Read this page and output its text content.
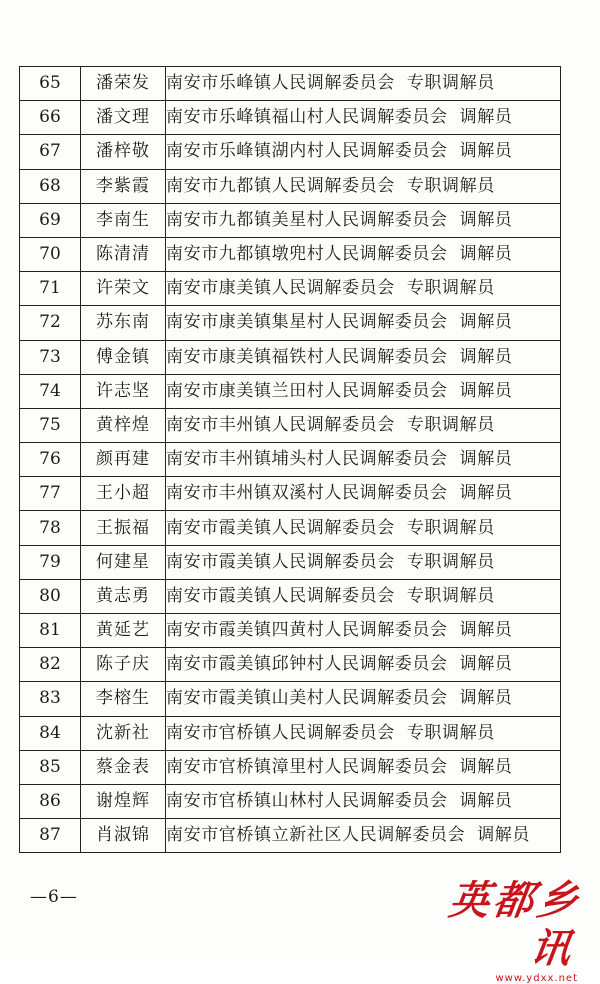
65	潘荣发	南安市乐峰镇人民调解委员会 专职调解员
66	潘文理	南安市乐峰镇福山村人民调解委员会 调解员
67	潘梓敬	南安市乐峰镇湖内村人民调解委员会 调解员
68	李紫霞	南安市九都镇人民调解委员会 专职调解员
69	李南生	南安市九都镇美星村人民调解委员会 调解员
70	陈清清	南安市九都镇墩兜村人民调解委员会 调解员
71	许荣文	南安市康美镇人民调解委员会 专职调解员
72	苏东南	南安市康美镇集星村人民调解委员会 调解员
73	傅金镇	南安市康美镇福铁村人民调解委员会 调解员
74	许志坚	南安市康美镇兰田村人民调解委员会 调解员
75	黄梓煌	南安市丰州镇人民调解委员会 专职调解员
76	颜再建	南安市丰州镇埔头村人民调解委员会 调解员
77	王小超	南安市丰州镇双溪村人民调解委员会 调解员
78	王振福	南安市霞美镇人民调解委员会 专职调解员
79	何建星	南安市霞美镇人民调解委员会 专职调解员
80	黄志勇	南安市霞美镇人民调解委员会 专职调解员
81	黄延艺	南安市霞美镇四黄村人民调解委员会 调解员
82	陈子庆	南安市霞美镇邱钟村人民调解委员会 调解员
83	李榕生	南安市霞美镇山美村人民调解委员会 调解员
84	沈新社	南安市官桥镇人民调解委员会 专职调解员
85	蔡金表	南安市官桥镇漳里村人民调解委员会 调解员
86	谢煌辉	南安市官桥镇山林村人民调解委员会 调解员
87	肖淑锦	南安市官桥镇立新社区人民调解委员会 调解员
—6—	英都乡讯
www.ydxx.net
